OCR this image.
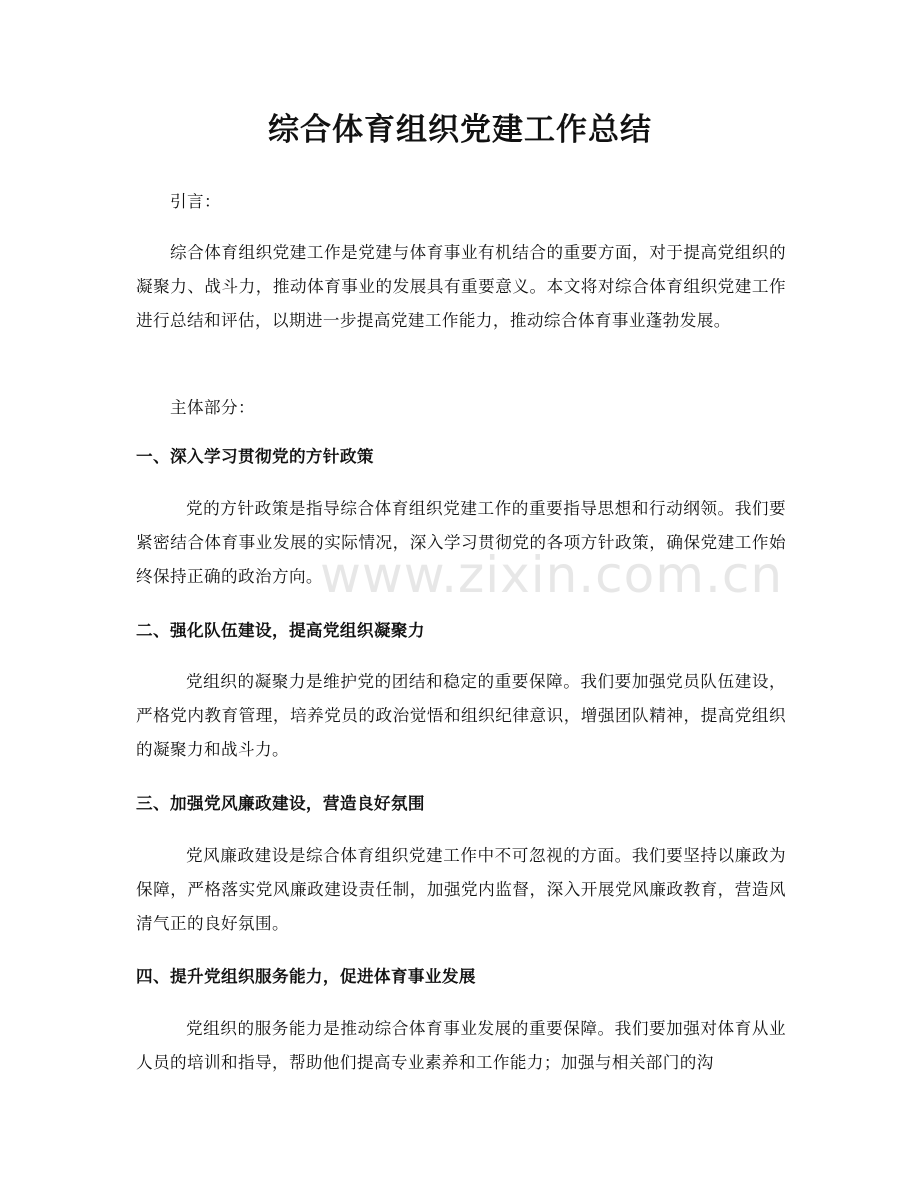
综合体育组织党建工作总结

引言：

综合体育组织党建工作是党建与体育事业有机结合的重要方面，对于提高党组织的凝聚力、战斗力，推动体育事业的发展具有重要意义。本文将对综合体育组织党建工作进行总结和评估，以期进一步提高党建工作能力，推动综合体育事业蓬勃发展。

主体部分：

一、深入学习贯彻党的方针政策

党的方针政策是指导综合体育组织党建工作的重要指导思想和行动纲领。我们要紧密结合体育事业发展的实际情况，深入学习贯彻党的各项方针政策，确保党建工作始终保持正确的政治方向。

二、强化队伍建设，提高党组织凝聚力

党组织的凝聚力是维护党的团结和稳定的重要保障。我们要加强党员队伍建设，严格党内教育管理，培养党员的政治觉悟和组织纪律意识，增强团队精神，提高党组织的凝聚力和战斗力。

三、加强党风廉政建设，营造良好氛围

党风廉政建设是综合体育组织党建工作中不可忽视的方面。我们要坚持以廉政为保障，严格落实党风廉政建设责任制，加强党内监督，深入开展党风廉政教育，营造风清气正的良好氛围。

四、提升党组织服务能力，促进体育事业发展

党组织的服务能力是推动综合体育事业发展的重要保障。我们要加强对体育从业人员的培训和指导，帮助他们提高专业素养和工作能力；加强与相关部门的沟

www.zixin.com.cn
